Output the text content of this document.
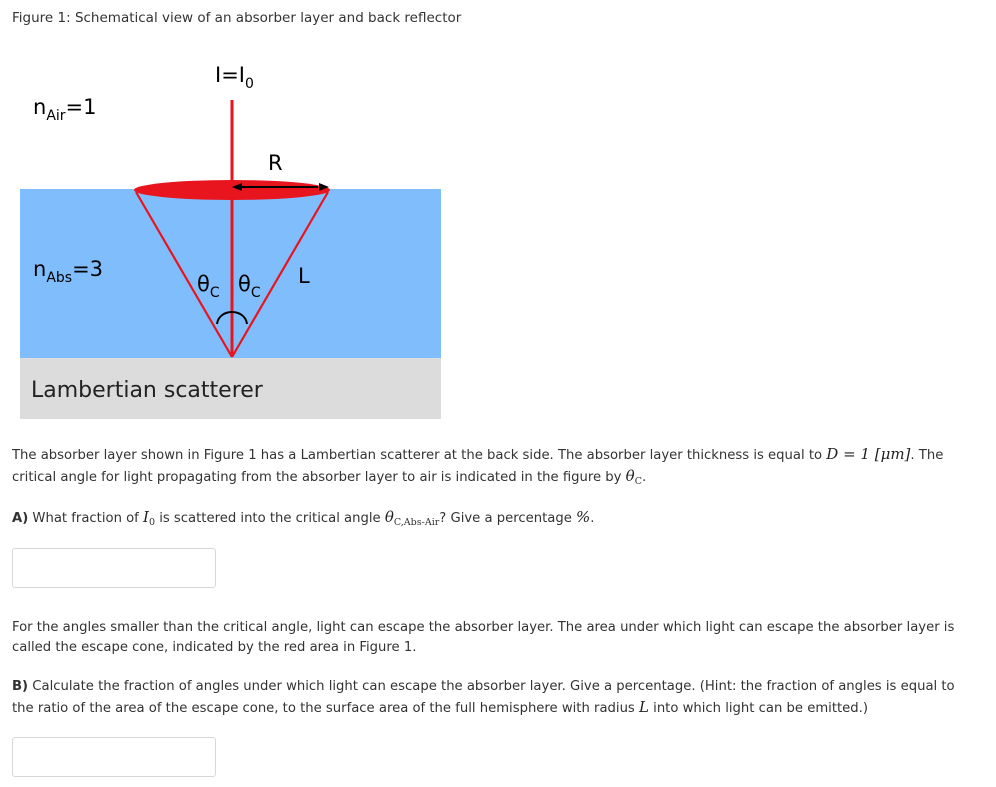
Figure 1: Schematical view of an absorber layer and back reflector
$I=I_0$
$n_{Air}=1$
R
$n_{Abs}=3$
$\theta_C$ $\theta_C$
L
Lambertian scatterer

The absorber layer shown in Figure 1 has a Lambertian scatterer at the back side. The absorber layer thickness is equal to D = 1 [μm]. The critical angle for light propagating from the absorber layer to air is indicated in the figure by $\theta_C$.

A) What fraction of $I_0$ is scattered into the critical angle $\theta_{C,Abs-Air}$? Give a percentage %.

For the angles smaller than the critical angle, light can escape the absorber layer. The area under which light can escape the absorber layer is called the escape cone, indicated by the red area in Figure 1.

B) Calculate the fraction of angles under which light can escape the absorber layer. Give a percentage. (Hint: the fraction of angles is equal to the ratio of the area of the escape cone, to the surface area of the full hemisphere with radius L into which light can be emitted.)
